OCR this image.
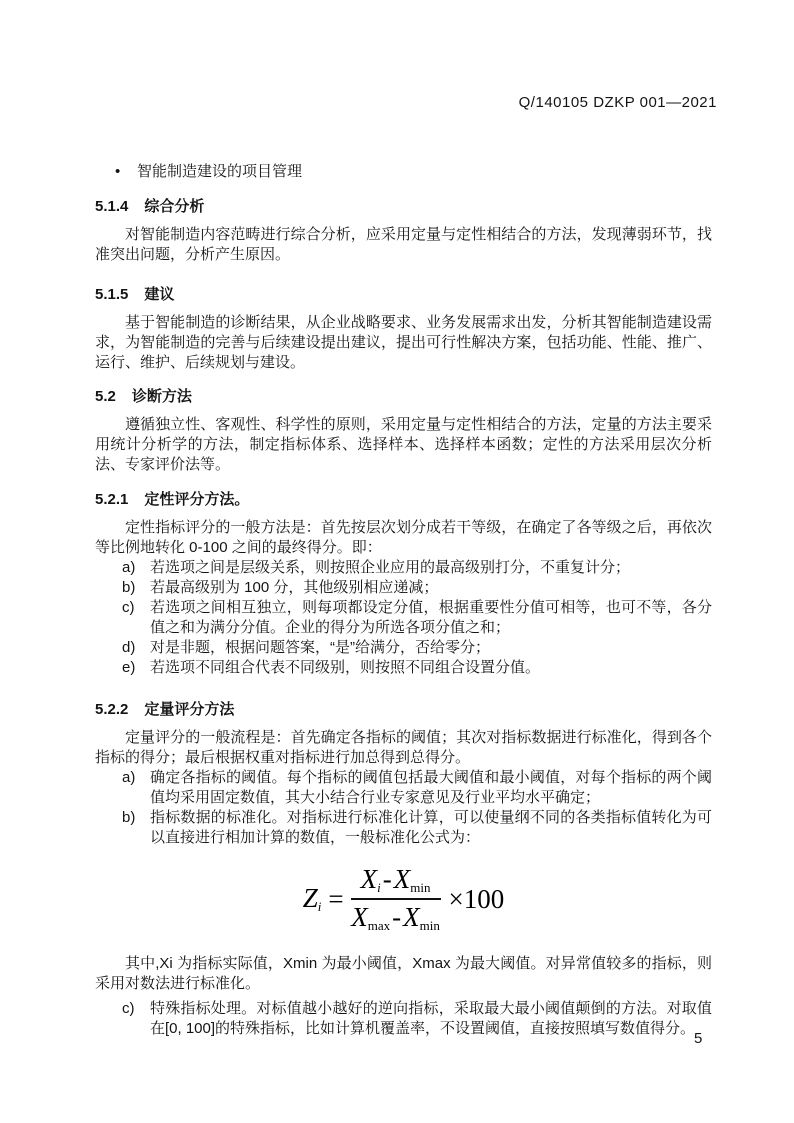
Q/140105 DZKP 001—2021
•	智能制造建设的项目管理
5.1.4 综合分析
对智能制造内容范畴进行综合分析，应采用定量与定性相结合的方法，发现薄弱环节，找准突出问题，分析产生原因。
5.1.5 建议
基于智能制造的诊断结果，从企业战略要求、业务发展需求出发，分析其智能制造建设需求，为智能制造的完善与后续建设提出建议，提出可行性解决方案，包括功能、性能、推广、运行、维护、后续规划与建设。
5.2 诊断方法
遵循独立性、客观性、科学性的原则，采用定量与定性相结合的方法，定量的方法主要采用统计分析学的方法，制定指标体系、选择样本、选择样本函数；定性的方法采用层次分析法、专家评价法等。
5.2.1 定性评分方法。
定性指标评分的一般方法是：首先按层次划分成若干等级，在确定了各等级之后，再依次等比例地转化 0-100 之间的最终得分。即：
a) 若选项之间是层级关系，则按照企业应用的最高级别打分，不重复计分；
b) 若最高级别为 100 分，其他级别相应递减；
c)	若选项之间相互独立，则每项都设定分值，根据重要性分值可相等，也可不等，各分值之和为满分分值。企业的得分为所选各项分值之和；
d) 对是非题，根据问题答案，“是”给满分，否给零分；
e) 若选项不同组合代表不同级别，则按照不同组合设置分值。
5.2.2 定量评分方法
定量评分的一般流程是：首先确定各指标的阈值；其次对指标数据进行标准化，得到各个指标的得分；最后根据权重对指标进行加总得到总得分。
a) 确定各指标的阈值。每个指标的阈值包括最大阈值和最小阈值，对每个指标的两个阈值均采用固定数值，其大小结合行业专家意见及行业平均水平确定；
b) 指标数据的标准化。对指标进行标准化计算，可以使量纲不同的各类指标值转化为可以直接进行相加计算的数值，一般标准化公式为：
$Z_i = \frac{X_i-X_{min}}{X_{max}-X_{min}} \times 100$
其中,Xi 为指标实际值，Xmin 为最小阈值，Xmax 为最大阈值。对异常值较多的指标，则采用对数法进行标准化。
c)	特殊指标处理。对标值越小越好的逆向指标，采取最大最小阈值颠倒的方法。对取值在[0, 100]的特殊指标，比如计算机覆盖率，不设置阈值，直接按照填写数值得分。
5
